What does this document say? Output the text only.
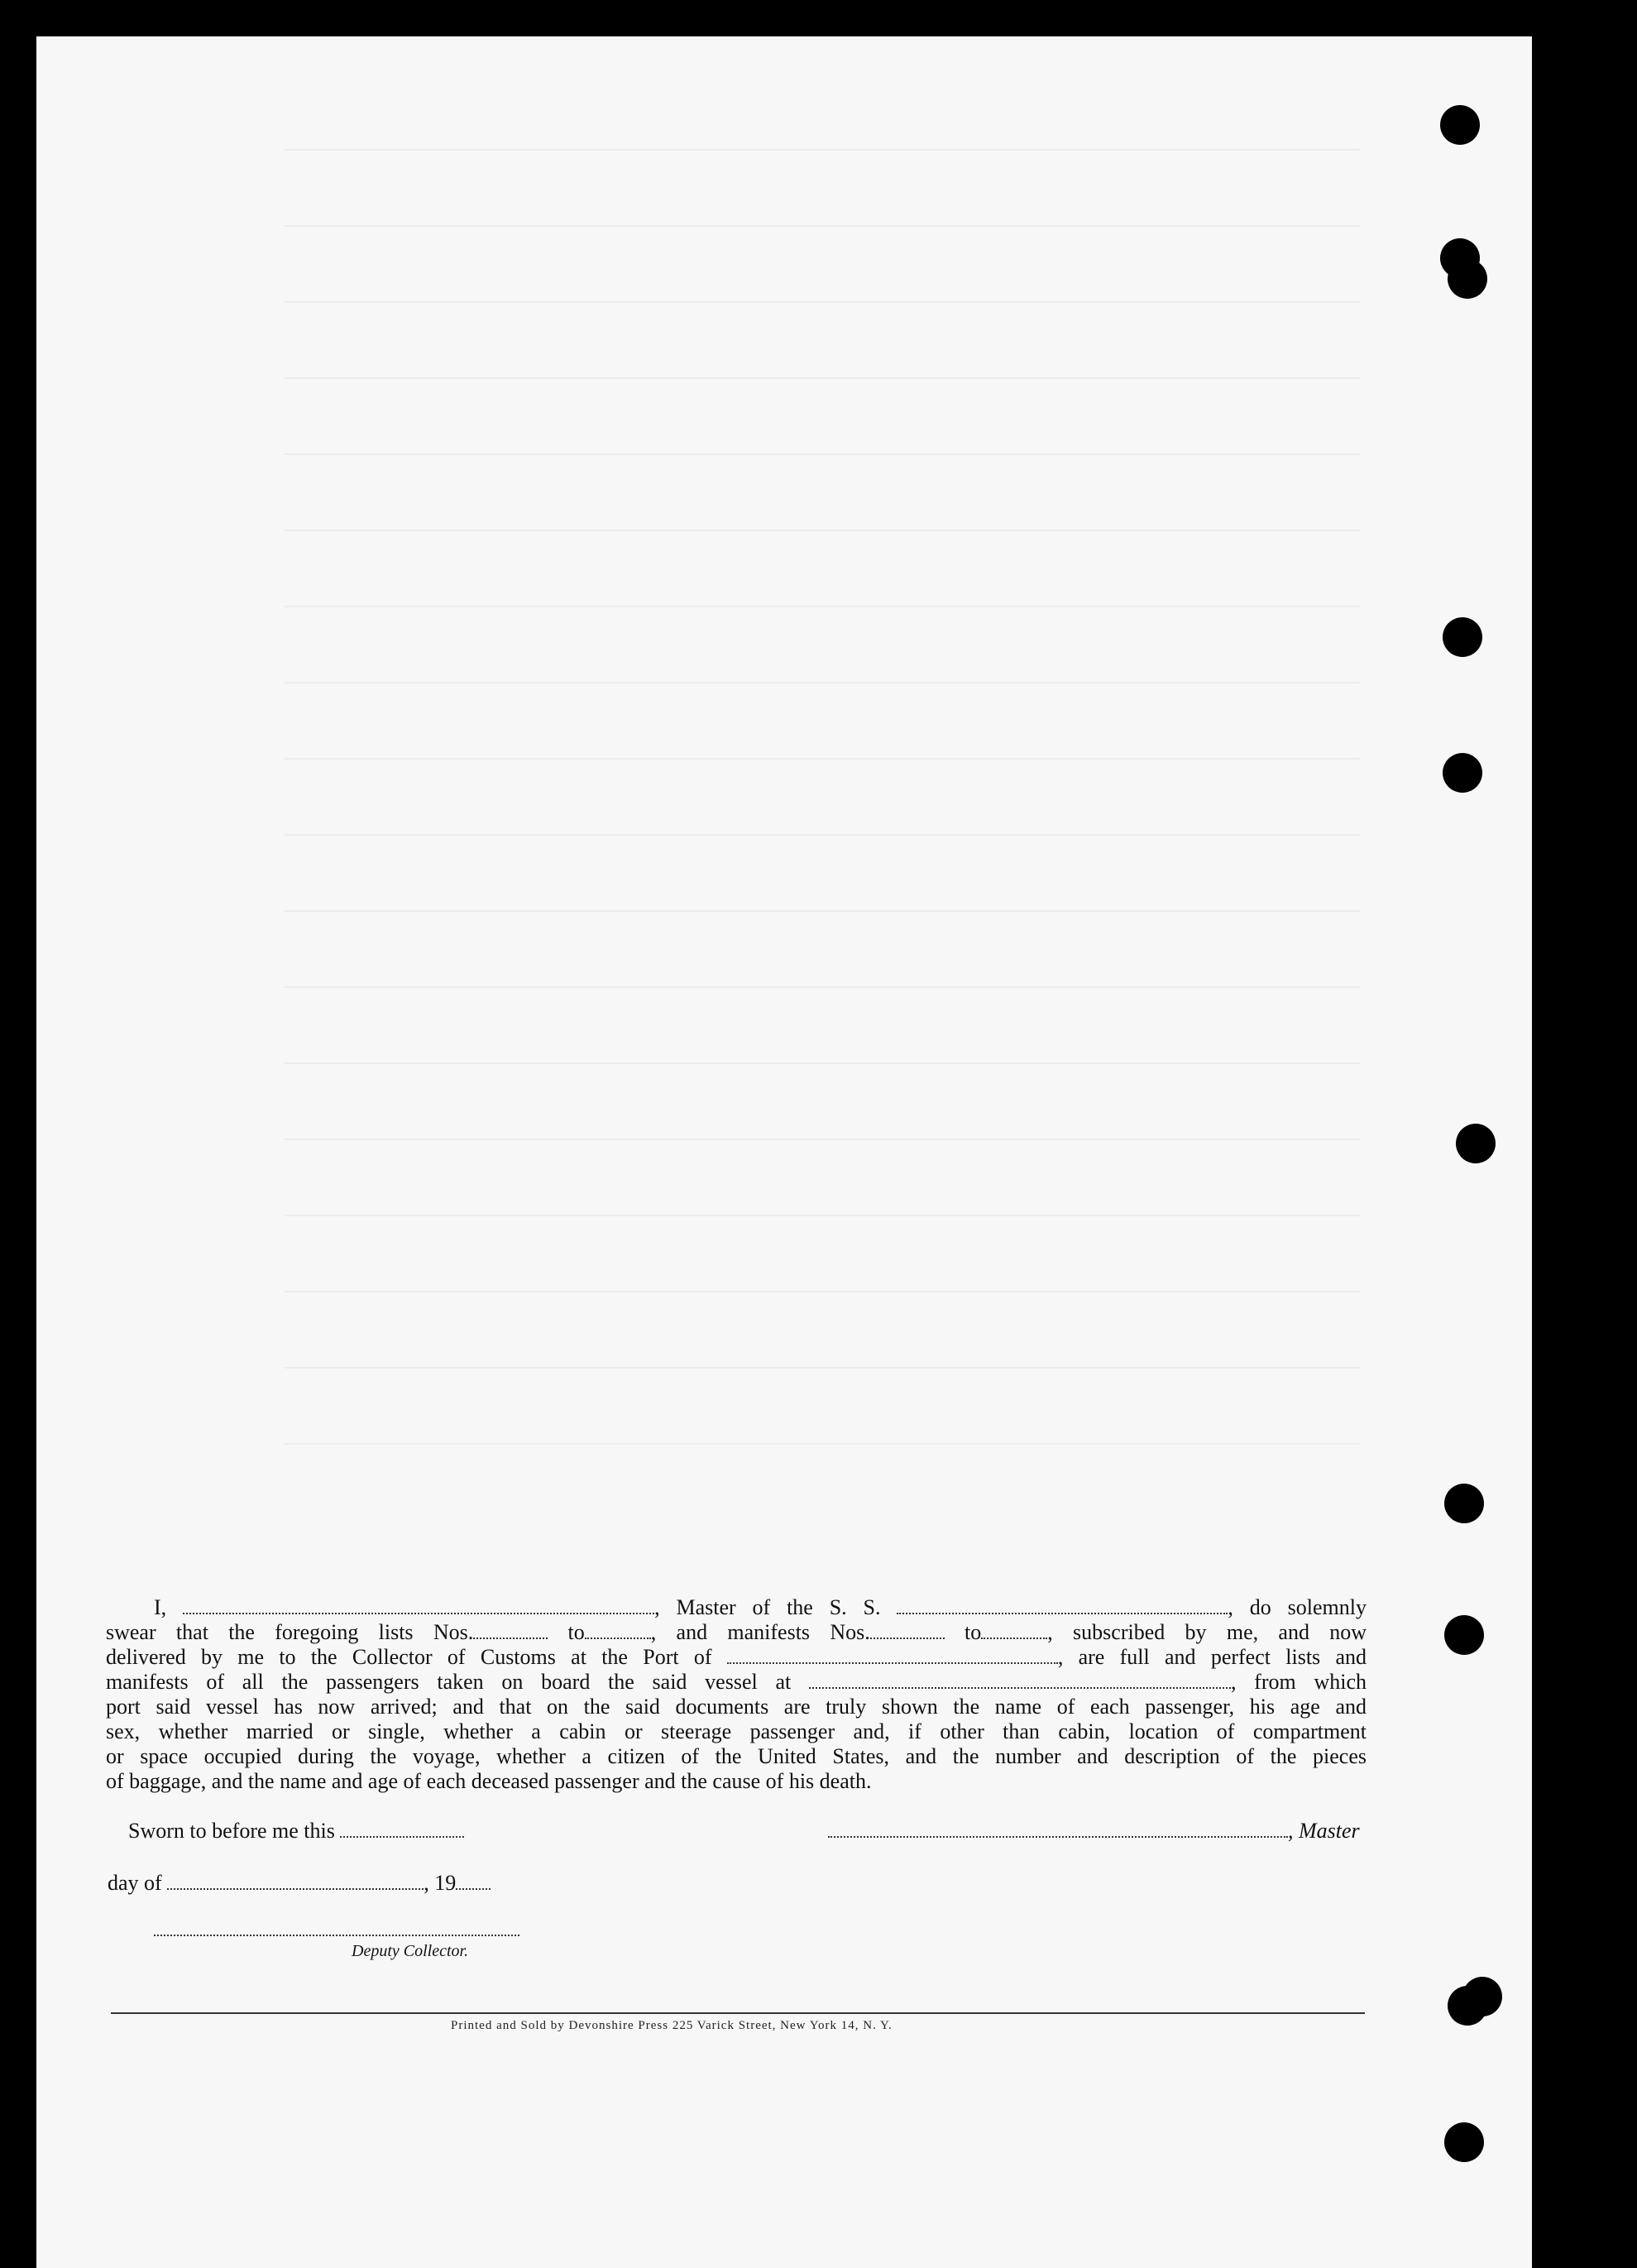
I,	, Master of the S. S.	, do solemnly
swear that the foregoing lists Nos.	to	, and manifests Nos.	to	, subscribed by me, and now
delivered by me to the Collector of Customs at the Port of	, are full and perfect lists and
manifests of all the passengers taken on board the said vessel at	, from which
port said vessel has now arrived; and that on the said documents are truly shown the name of each passenger, his age and
sex, whether married or single, whether a cabin or steerage passenger and, if other than cabin, location of compartment
or space occupied during the voyage, whether a citizen of the United States, and the number and description of the pieces
of baggage, and the name and age of each deceased passenger and the cause of his death.
Sworn to before me this	, Master
day of	, 19
Deputy Collector.
Printed and Sold by Devonshire Press 225 Varick Street, New York 14, N. Y.
